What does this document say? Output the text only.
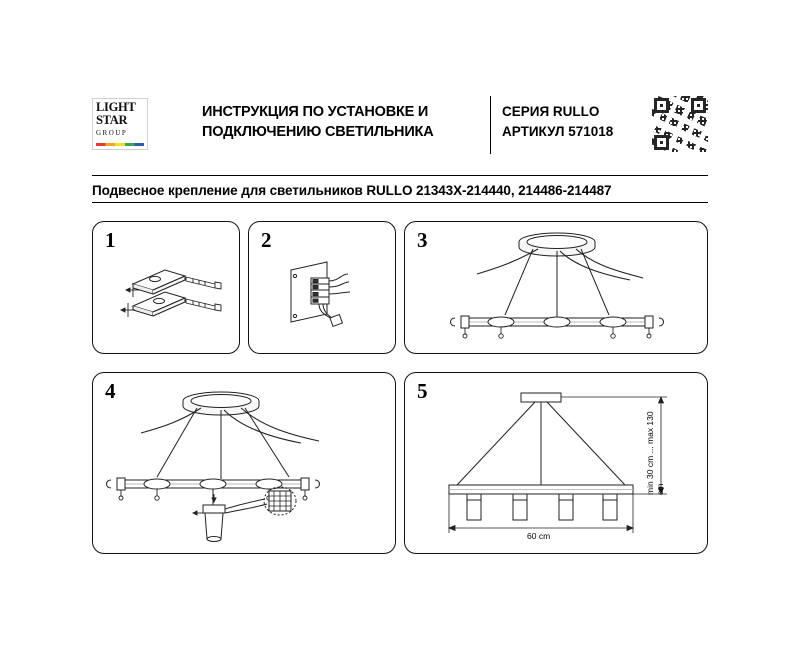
LIGHT
STAR
GROUP
ИНСТРУКЦИЯ ПО УСТАНОВКЕ И
ПОДКЛЮЧЕНИЮ СВЕТИЛЬНИКА
СЕРИЯ RULLO
АРТИКУЛ 571018
Подвесное крепление для светильников RULLO 21343X-214440, 214486-214487
1	2	3
4	5
60 cm
min 30 cm ... max 130 cm
